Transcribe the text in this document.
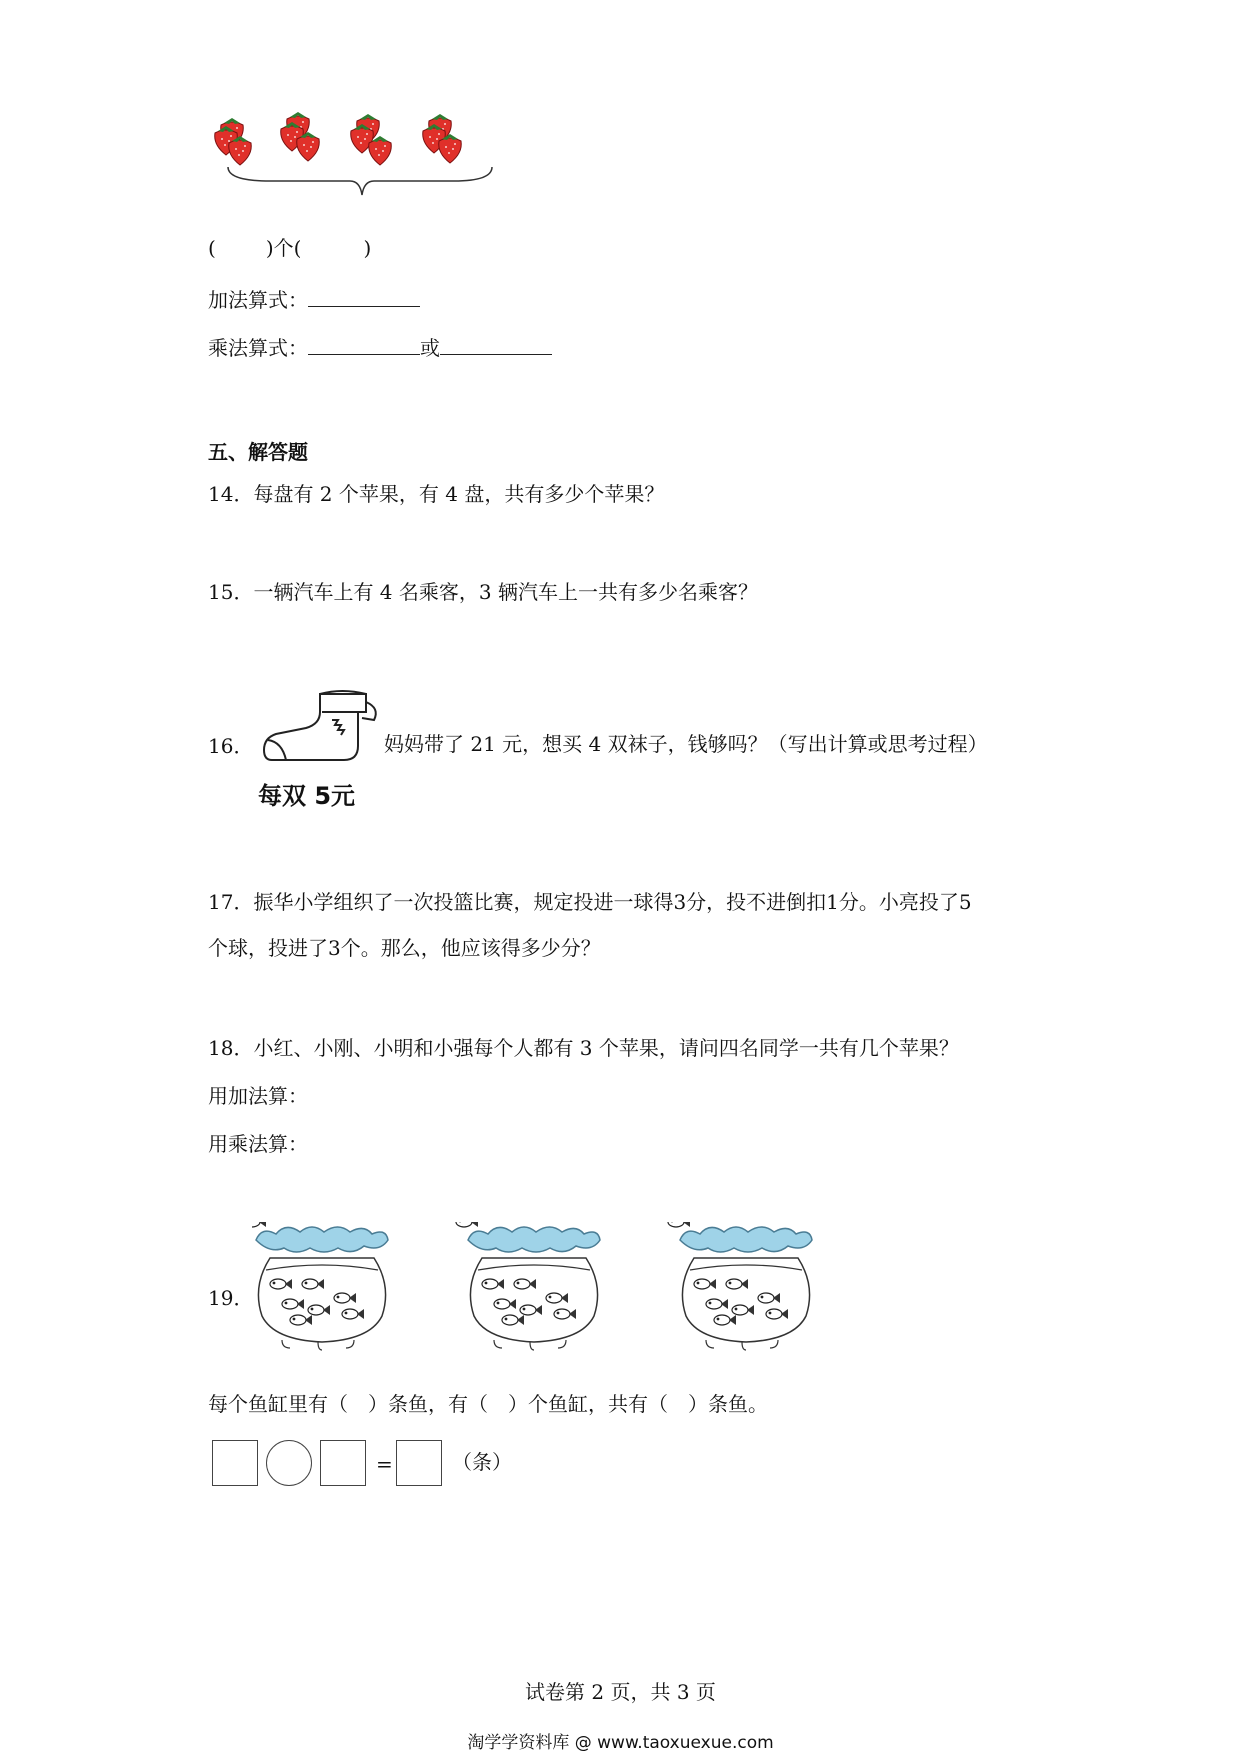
(	)个(	)
加法算式：
乘法算式：	或
五、解答题
14．每盘有 2 个苹果，有 4 盘，共有多少个苹果？
15．一辆汽车上有 4 名乘客，3 辆汽车上一共有多少名乘客？
16．
每双 5元
妈妈带了 21 元，想买 4 双袜子，钱够吗？（写出计算或思考过程）
17．振华小学组织了一次投篮比赛，规定投进一球得3分，投不进倒扣1分。小亮投了5
个球，投进了3个。那么，他应该得多少分？
18．小红、小刚、小明和小强每个人都有 3 个苹果，请问四名同学一共有几个苹果？
用加法算：
用乘法算：
19．
每个鱼缸里有（　）条鱼，有（　）个鱼缸，共有（　）条鱼。
=	（条）
试卷第 2 页，共 3 页
淘学学资料库 @ www.taoxuexue.com
